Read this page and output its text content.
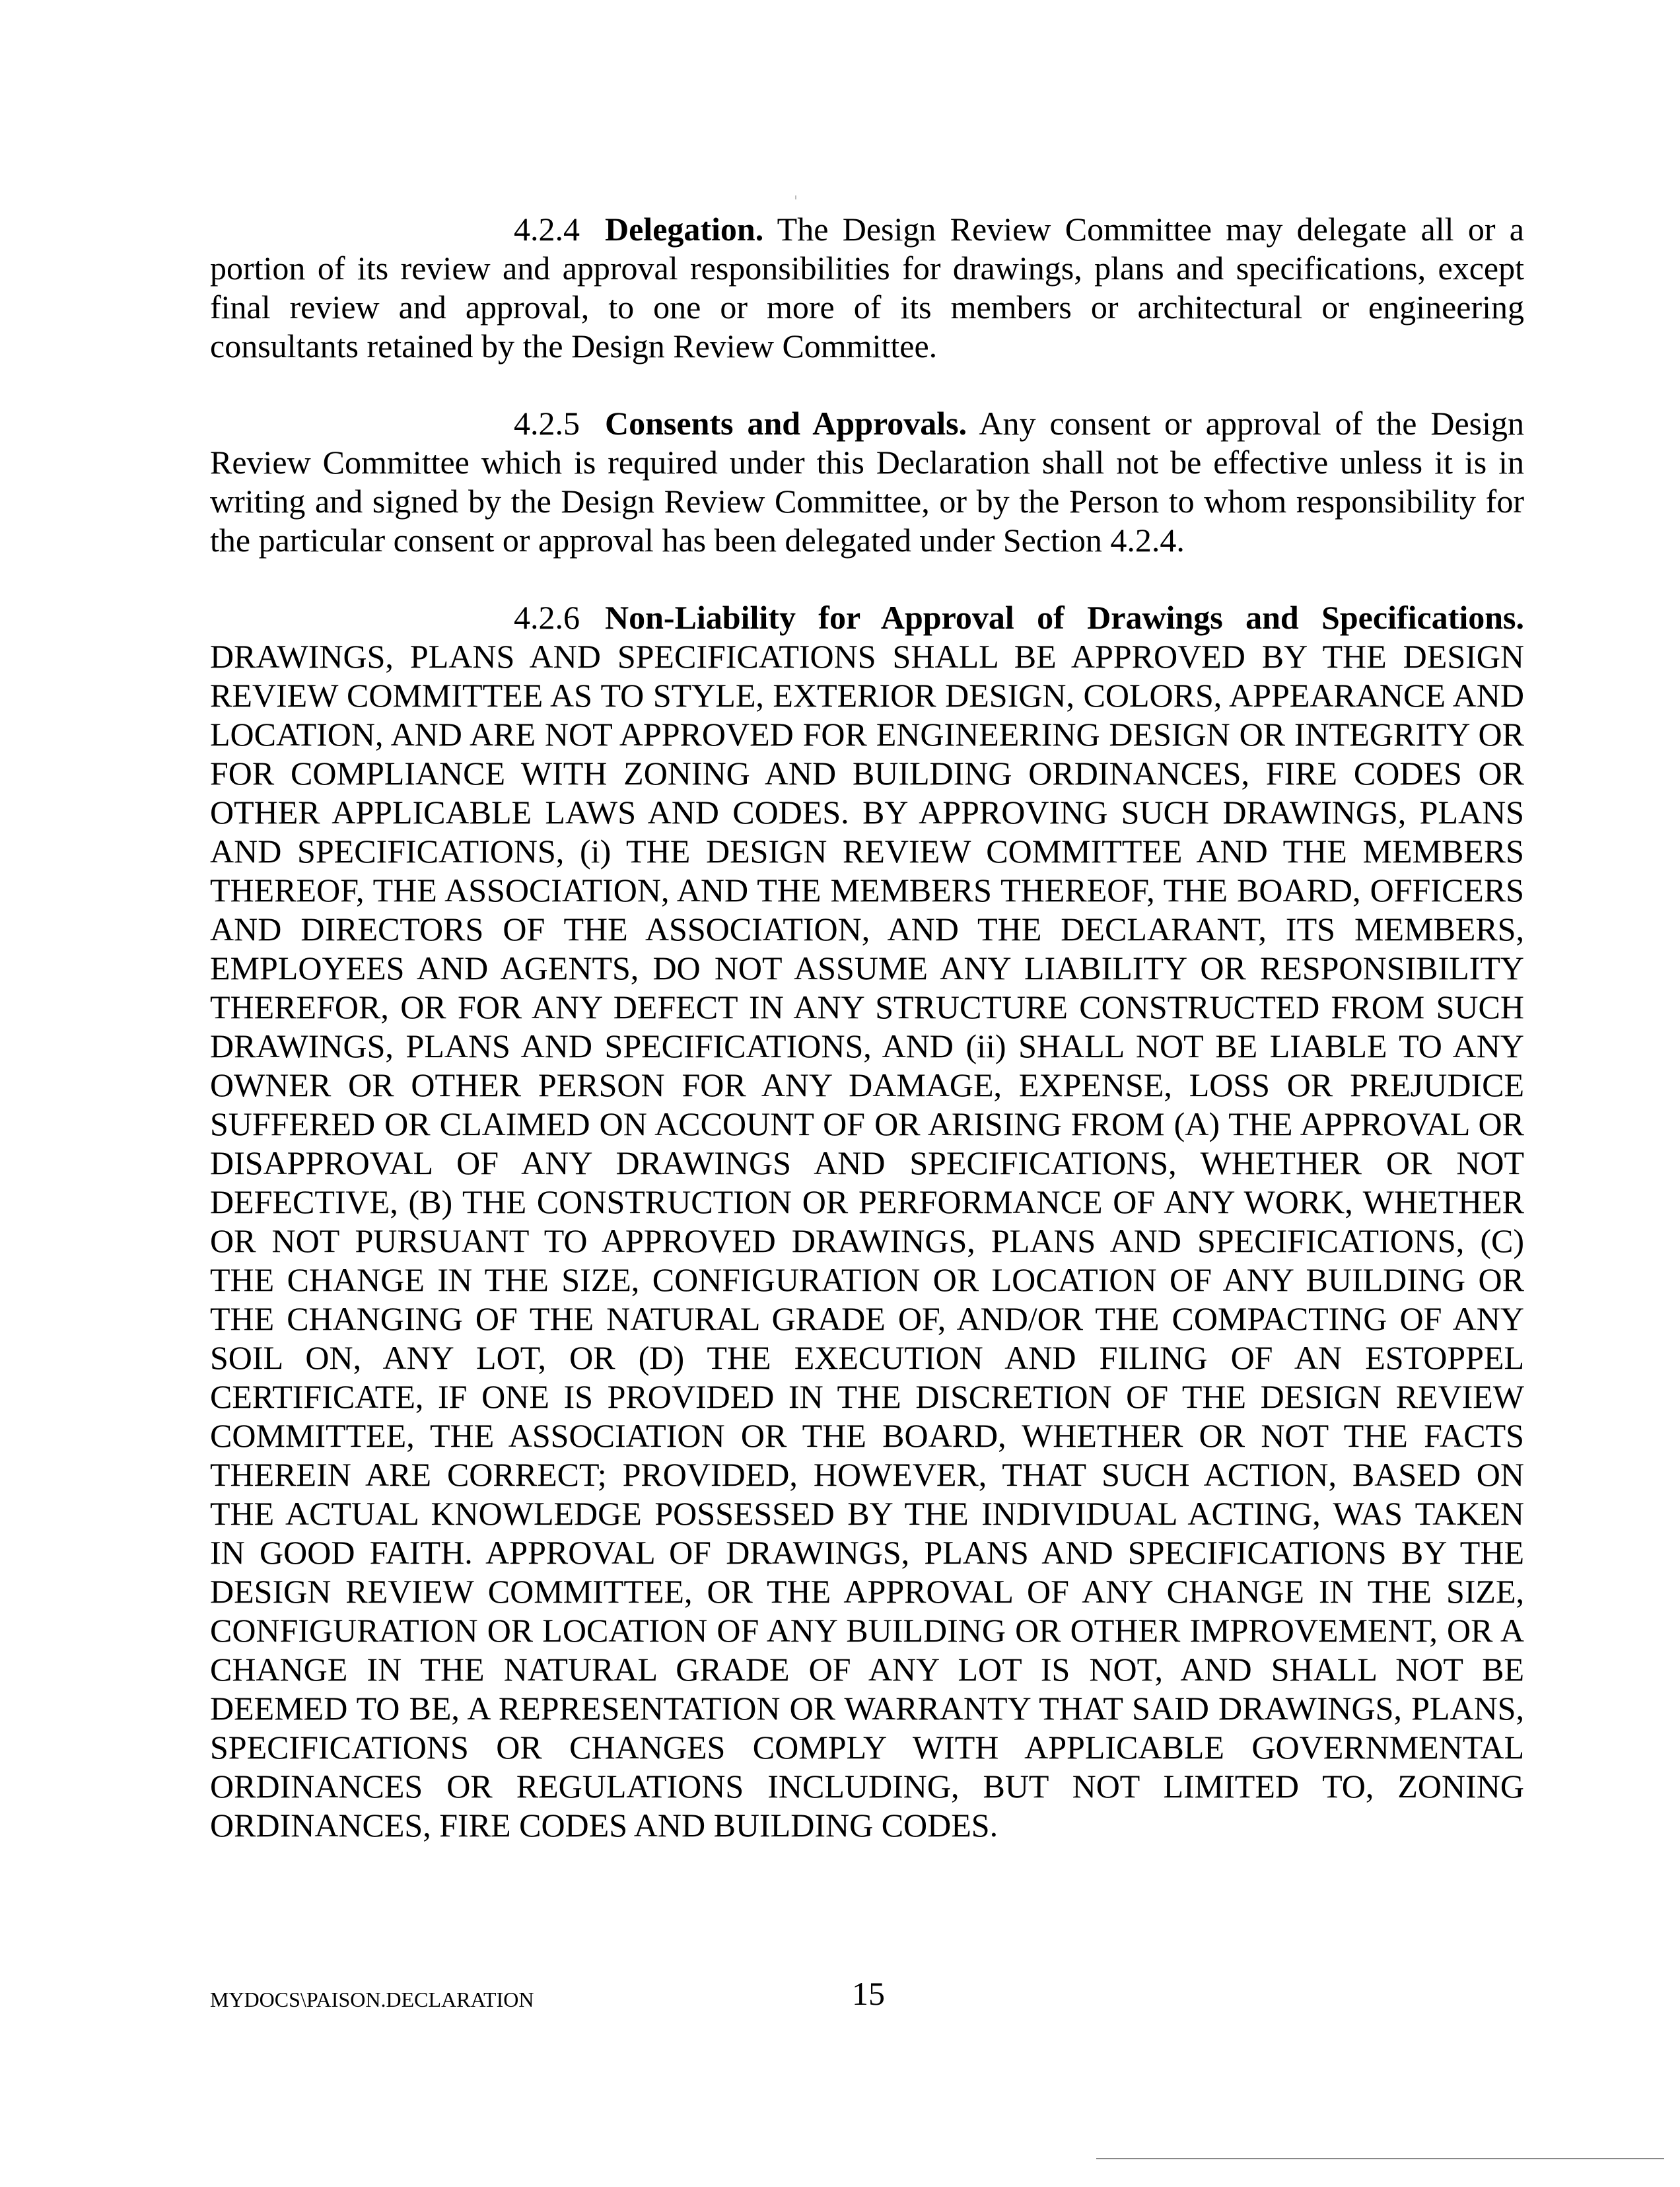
4.2.4 Delegation. The Design Review Committee may delegate all or a portion of its review and approval responsibilities for drawings, plans and specifications, except final review and approval, to one or more of its members or architectural or engineering consultants retained by the Design Review Committee.

4.2.5 Consents and Approvals. Any consent or approval of the Design Review Committee which is required under this Declaration shall not be effective unless it is in writing and signed by the Design Review Committee, or by the Person to whom responsibility for the particular consent or approval has been delegated under Section 4.2.4.

4.2.6 Non-Liability for Approval of Drawings and Specifications. DRAWINGS, PLANS AND SPECIFICATIONS SHALL BE APPROVED BY THE DESIGN REVIEW COMMITTEE AS TO STYLE, EXTERIOR DESIGN, COLORS, APPEARANCE AND LOCATION, AND ARE NOT APPROVED FOR ENGINEERING DESIGN OR INTEGRITY OR FOR COMPLIANCE WITH ZONING AND BUILDING ORDINANCES, FIRE CODES OR OTHER APPLICABLE LAWS AND CODES. BY APPROVING SUCH DRAWINGS, PLANS AND SPECIFICATIONS, (i) THE DESIGN REVIEW COMMITTEE AND THE MEMBERS THEREOF, THE ASSOCIATION, AND THE MEMBERS THEREOF, THE BOARD, OFFICERS AND DIRECTORS OF THE ASSOCIATION, AND THE DECLARANT, ITS MEMBERS, EMPLOYEES AND AGENTS, DO NOT ASSUME ANY LIABILITY OR RESPONSIBILITY THEREFOR, OR FOR ANY DEFECT IN ANY STRUCTURE CONSTRUCTED FROM SUCH DRAWINGS, PLANS AND SPECIFICATIONS, AND (ii) SHALL NOT BE LIABLE TO ANY OWNER OR OTHER PERSON FOR ANY DAMAGE, EXPENSE, LOSS OR PREJUDICE SUFFERED OR CLAIMED ON ACCOUNT OF OR ARISING FROM (A) THE APPROVAL OR DISAPPROVAL OF ANY DRAWINGS AND SPECIFICATIONS, WHETHER OR NOT DEFECTIVE, (B) THE CONSTRUCTION OR PERFORMANCE OF ANY WORK, WHETHER OR NOT PURSUANT TO APPROVED DRAWINGS, PLANS AND SPECIFICATIONS, (C) THE CHANGE IN THE SIZE, CONFIGURATION OR LOCATION OF ANY BUILDING OR THE CHANGING OF THE NATURAL GRADE OF, AND/OR THE COMPACTING OF ANY SOIL ON, ANY LOT, OR (D) THE EXECUTION AND FILING OF AN ESTOPPEL CERTIFICATE, IF ONE IS PROVIDED IN THE DISCRETION OF THE DESIGN REVIEW COMMITTEE, THE ASSOCIATION OR THE BOARD, WHETHER OR NOT THE FACTS THEREIN ARE CORRECT; PROVIDED, HOWEVER, THAT SUCH ACTION, BASED ON THE ACTUAL KNOWLEDGE POSSESSED BY THE INDIVIDUAL ACTING, WAS TAKEN IN GOOD FAITH. APPROVAL OF DRAWINGS, PLANS AND SPECIFICATIONS BY THE DESIGN REVIEW COMMITTEE, OR THE APPROVAL OF ANY CHANGE IN THE SIZE, CONFIGURATION OR LOCATION OF ANY BUILDING OR OTHER IMPROVEMENT, OR A CHANGE IN THE NATURAL GRADE OF ANY LOT IS NOT, AND SHALL NOT BE DEEMED TO BE, A REPRESENTATION OR WARRANTY THAT SAID DRAWINGS, PLANS, SPECIFICATIONS OR CHANGES COMPLY WITH APPLICABLE GOVERNMENTAL ORDINANCES OR REGULATIONS INCLUDING, BUT NOT LIMITED TO, ZONING ORDINANCES, FIRE CODES AND BUILDING CODES.

MYDOCS\PAISON.DECLARATION	15
